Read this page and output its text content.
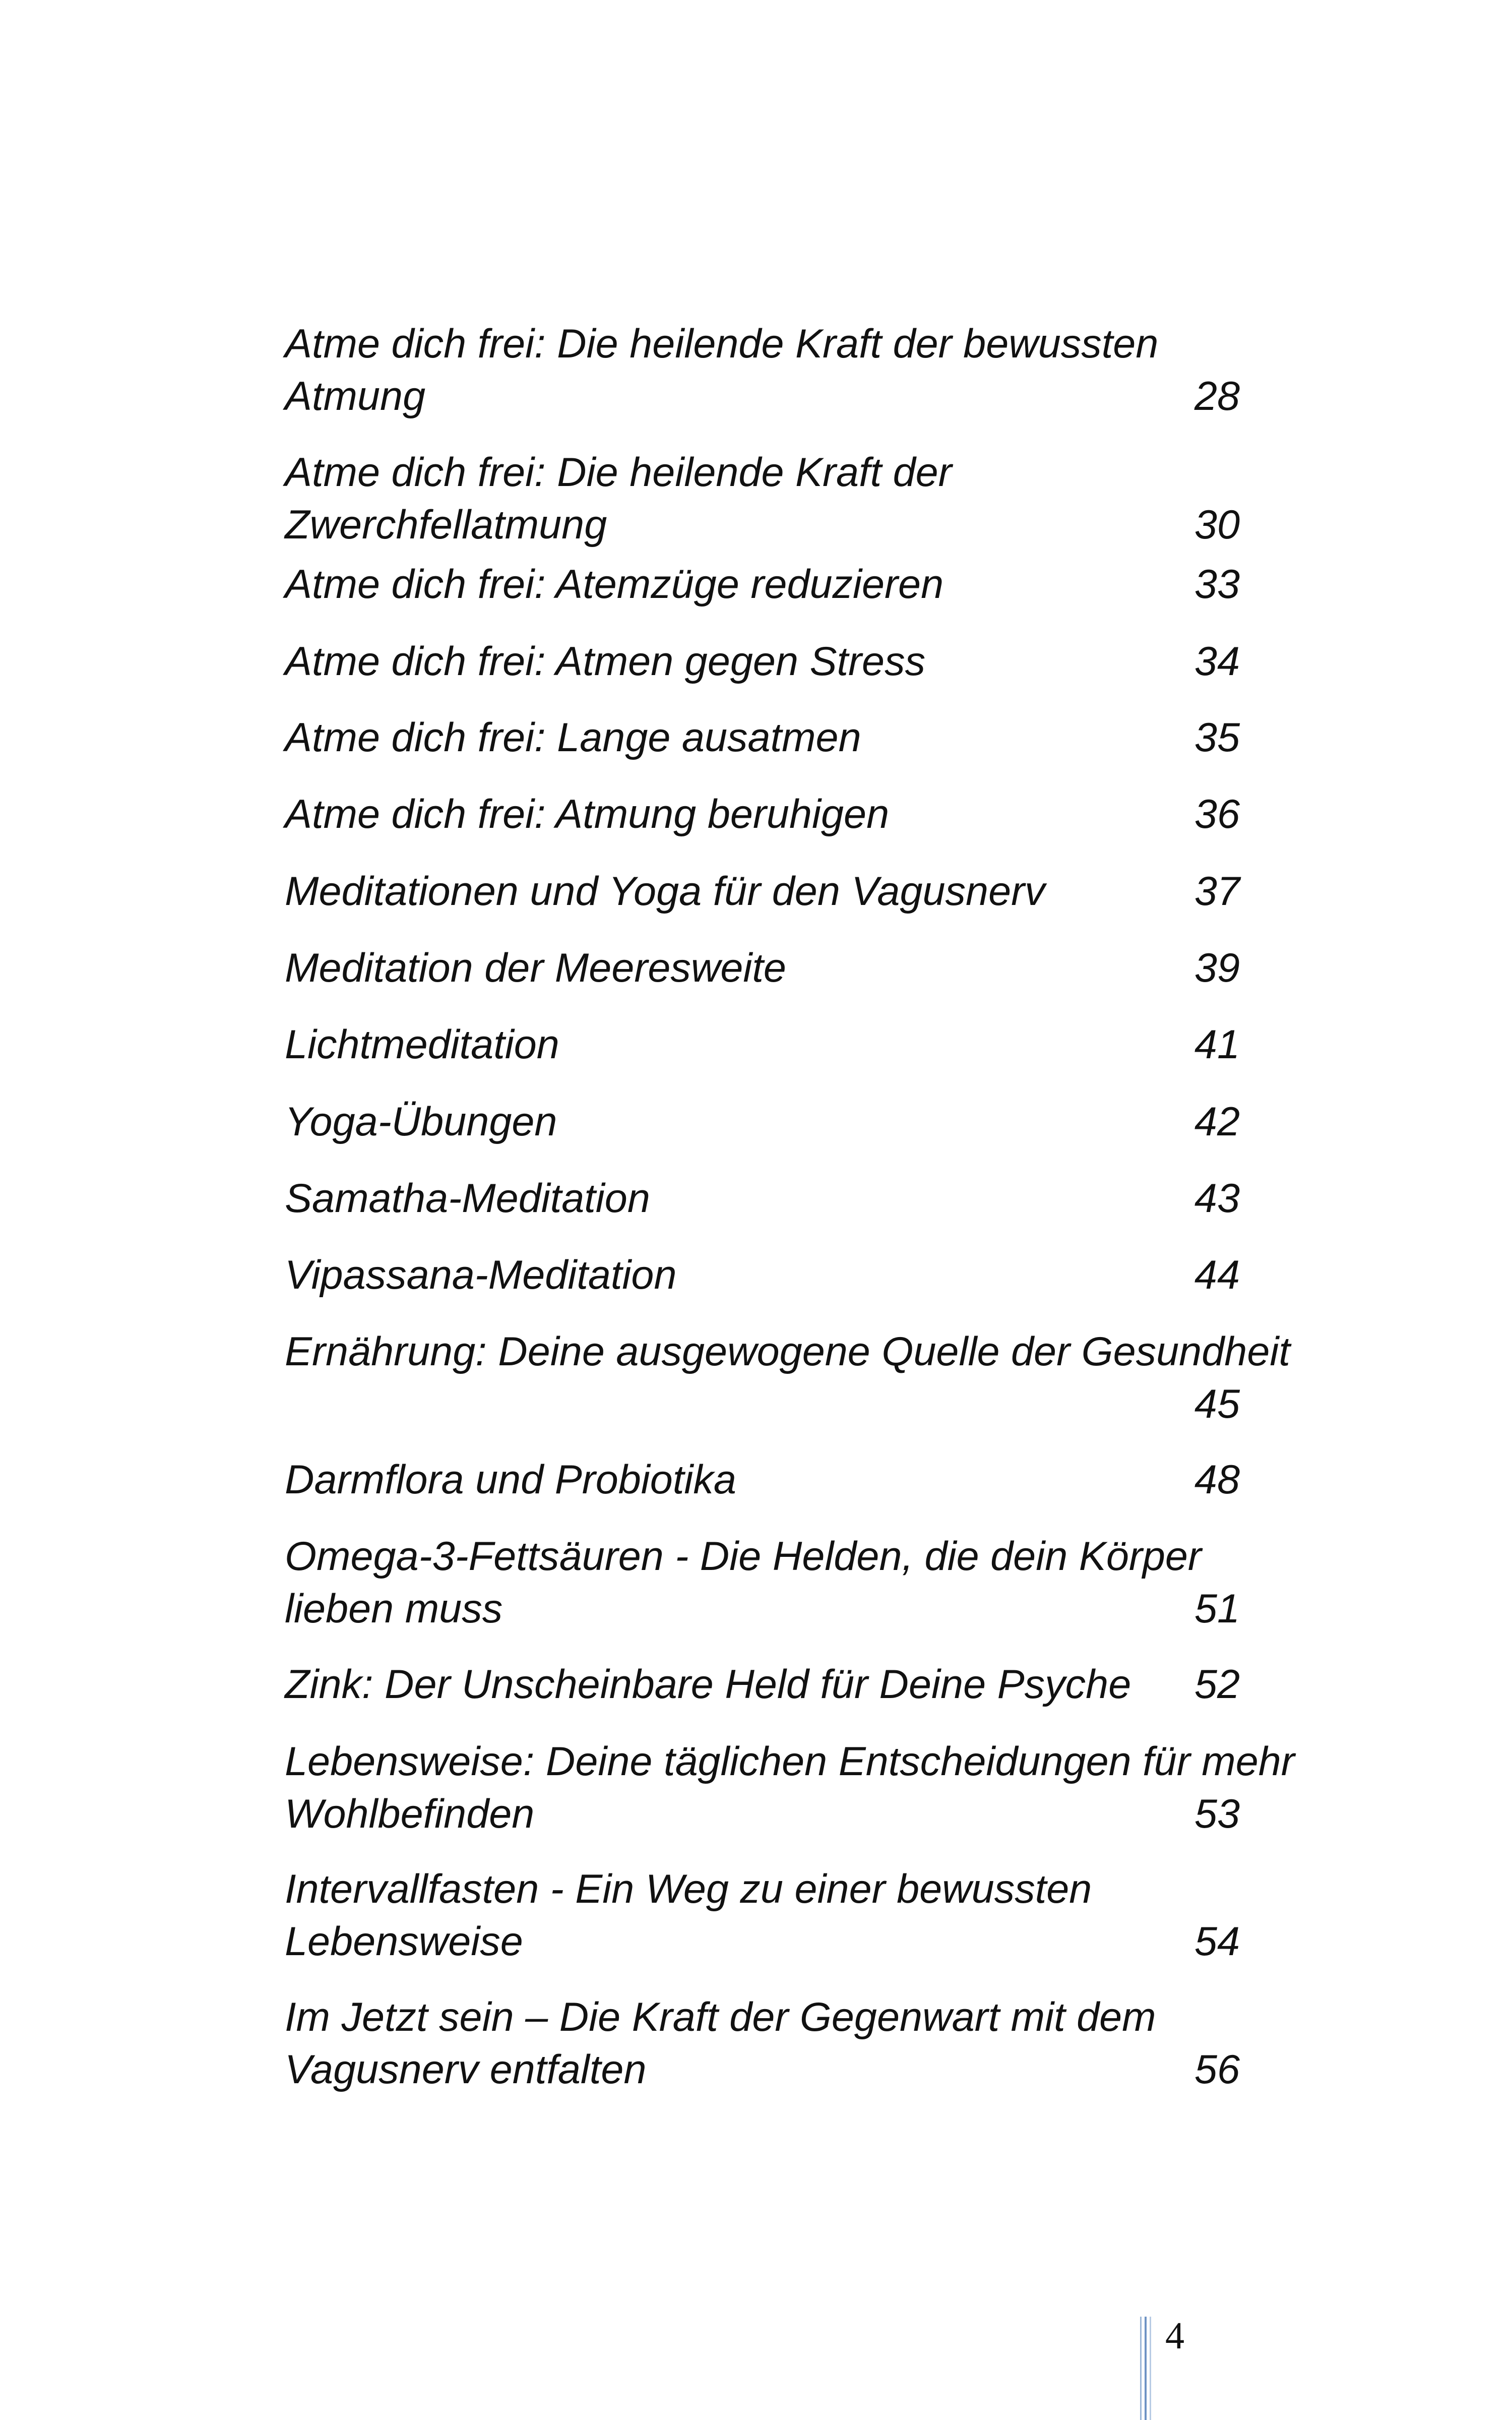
Atme dich frei: Die heilende Kraft der bewussten
Atmung	28
Atme dich frei: Die heilende Kraft der
Zwerchfellatmung	30
Atme dich frei: Atemzüge reduzieren	33
Atme dich frei: Atmen gegen Stress	34
Atme dich frei: Lange ausatmen	35
Atme dich frei: Atmung beruhigen	36
Meditationen und Yoga für den Vagusnerv	37
Meditation der Meeresweite	39
Lichtmeditation	41
Yoga-Übungen	42
Samatha-Meditation	43
Vipassana-Meditation	44
Ernährung: Deine ausgewogene Quelle der Gesundheit
45
Darmflora und Probiotika	48
Omega-3-Fettsäuren - Die Helden, die dein Körper
lieben muss	51
Zink: Der Unscheinbare Held für Deine Psyche 52
Lebensweise: Deine täglichen Entscheidungen für mehr
Wohlbefinden	53
Intervallfasten - Ein Weg zu einer bewussten
Lebensweise	54
Im Jetzt sein – Die Kraft der Gegenwart mit dem
Vagusnerv entfalten	56
4
